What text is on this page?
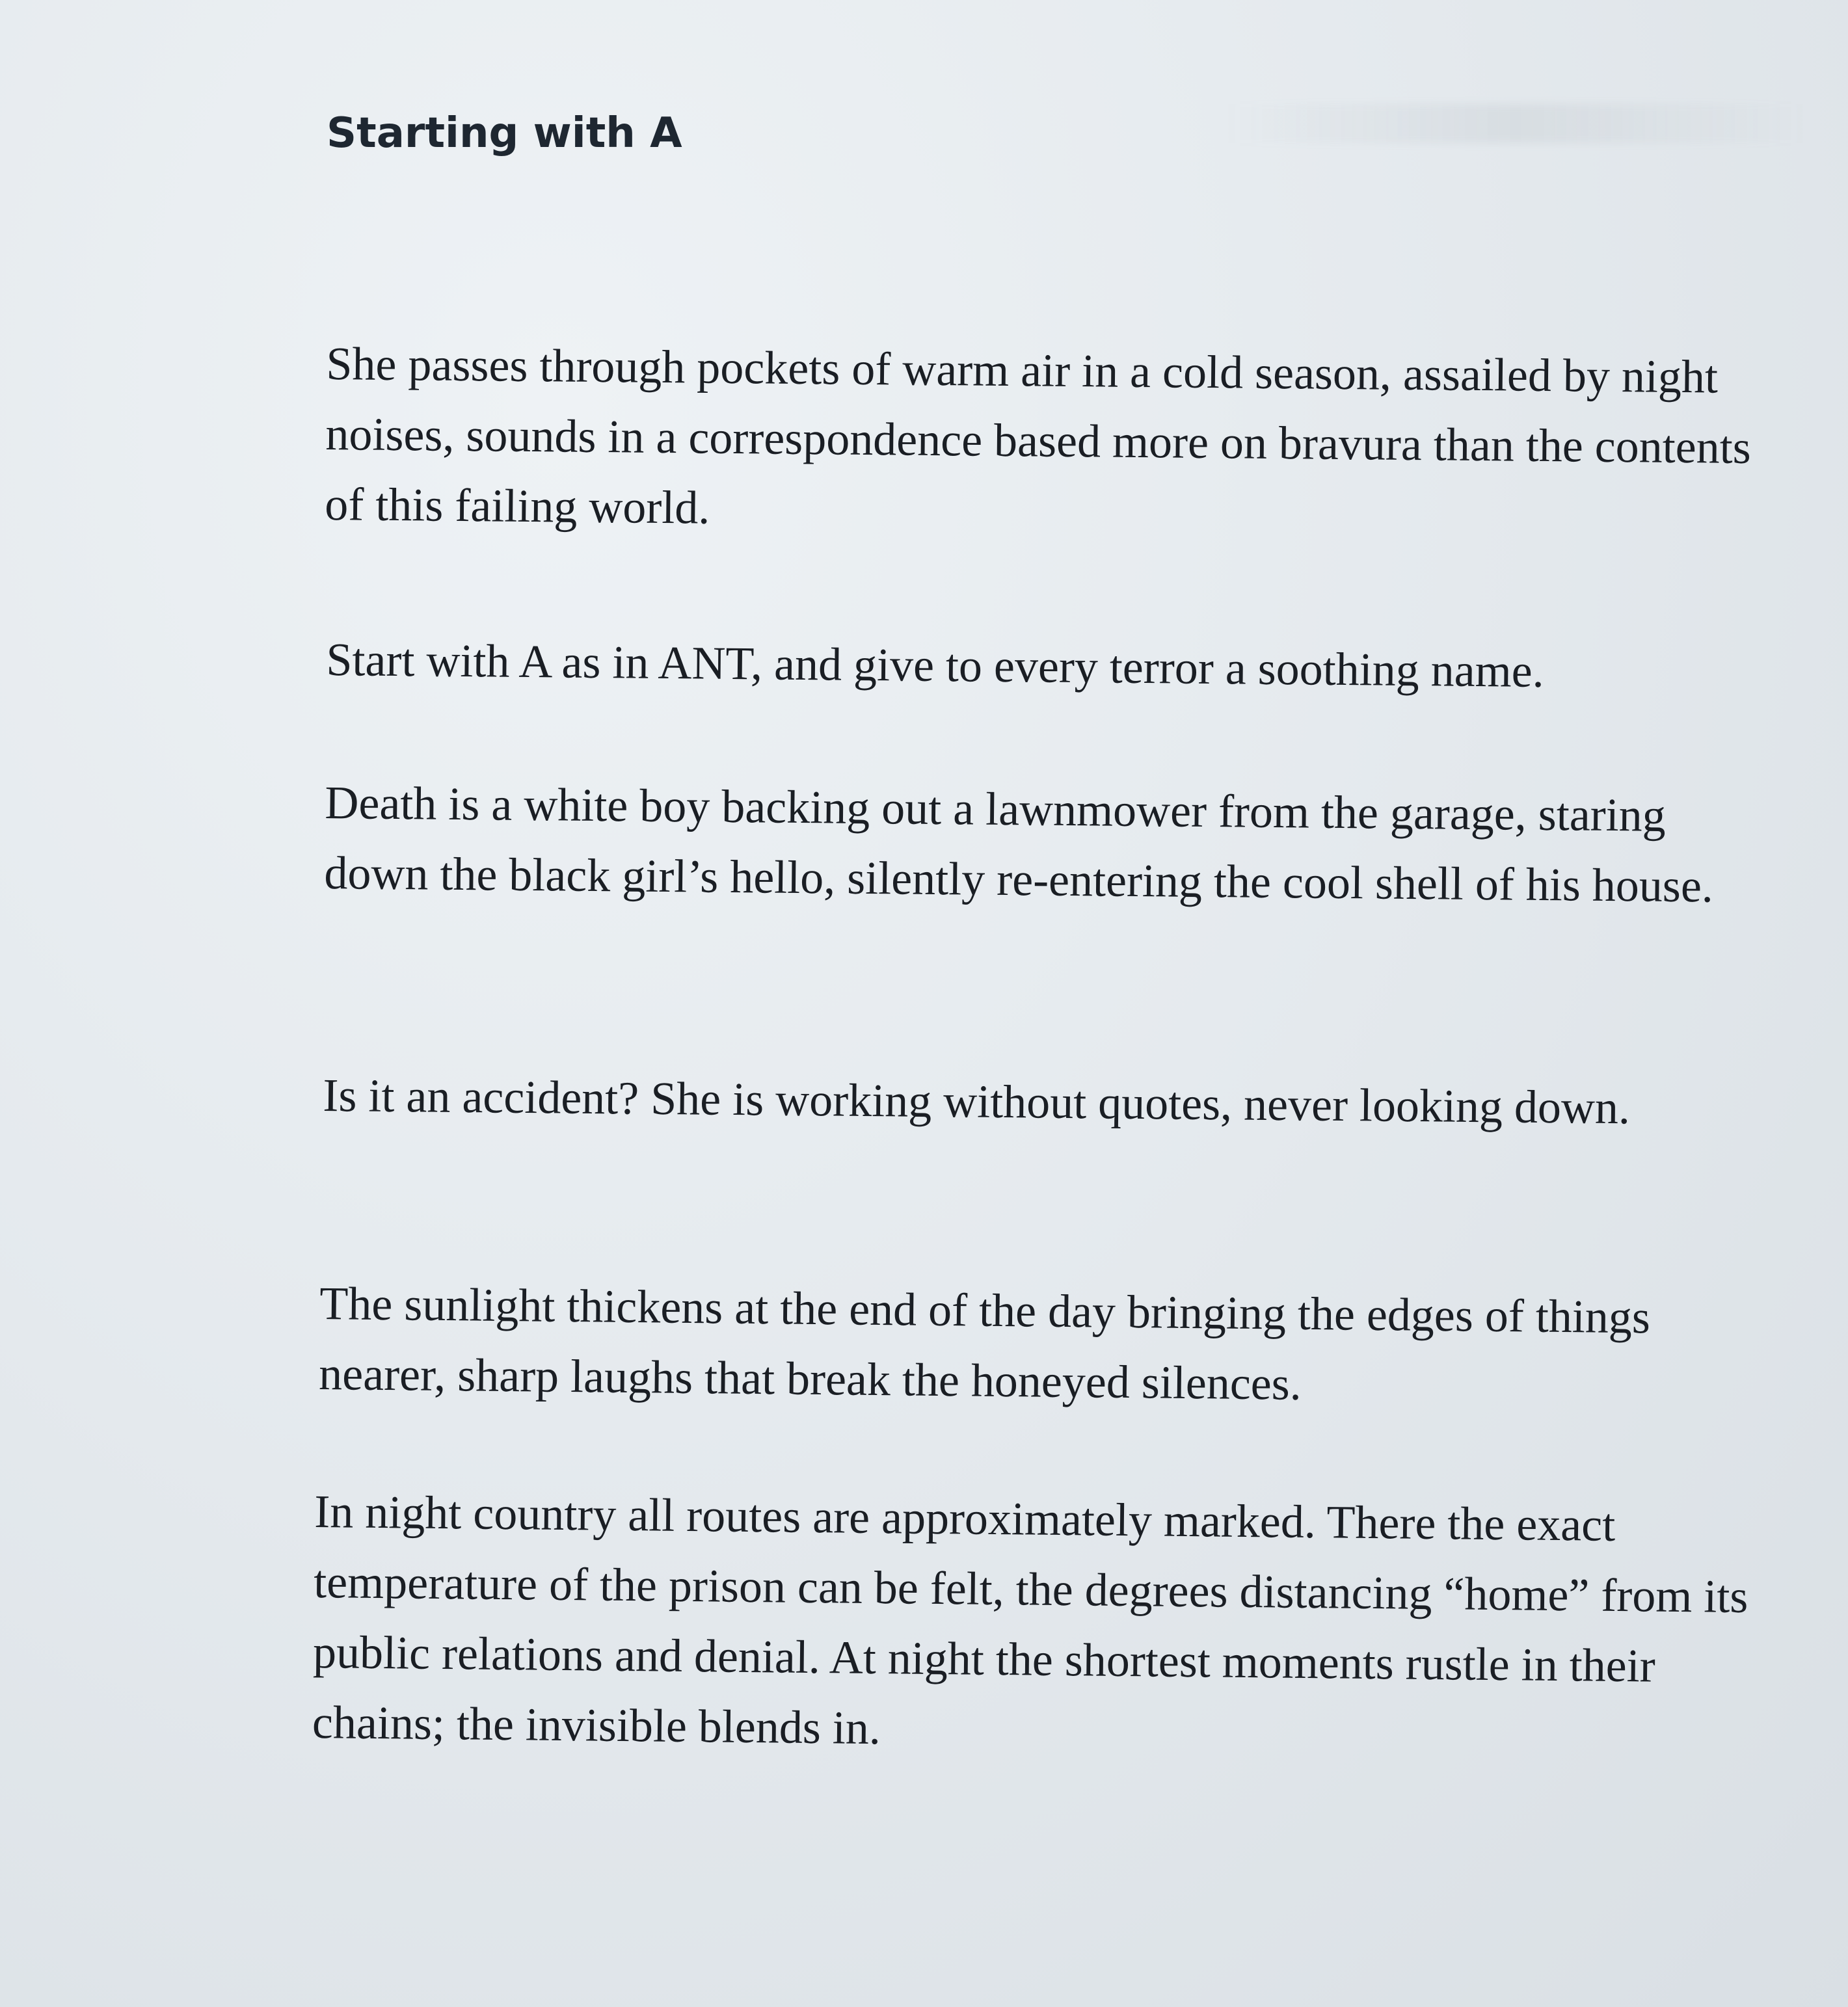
Starting with A

She passes through pockets of warm air in a cold season, assailed by night noises, sounds in a correspondence based more on bravura than the contents of this failing world.

Start with A as in ANT, and give to every terror a soothing name.

Death is a white boy backing out a lawnmower from the garage, staring down the black girl’s hello, silently re-entering the cool shell of his house.

Is it an accident? She is working without quotes, never looking down.

The sunlight thickens at the end of the day bringing the edges of things nearer, sharp laughs that break the honeyed silences.

In night country all routes are approximately marked. There the exact temperature of the prison can be felt, the degrees distancing “home” from its public relations and denial. At night the shortest moments rustle in their chains; the invisible blends in.
